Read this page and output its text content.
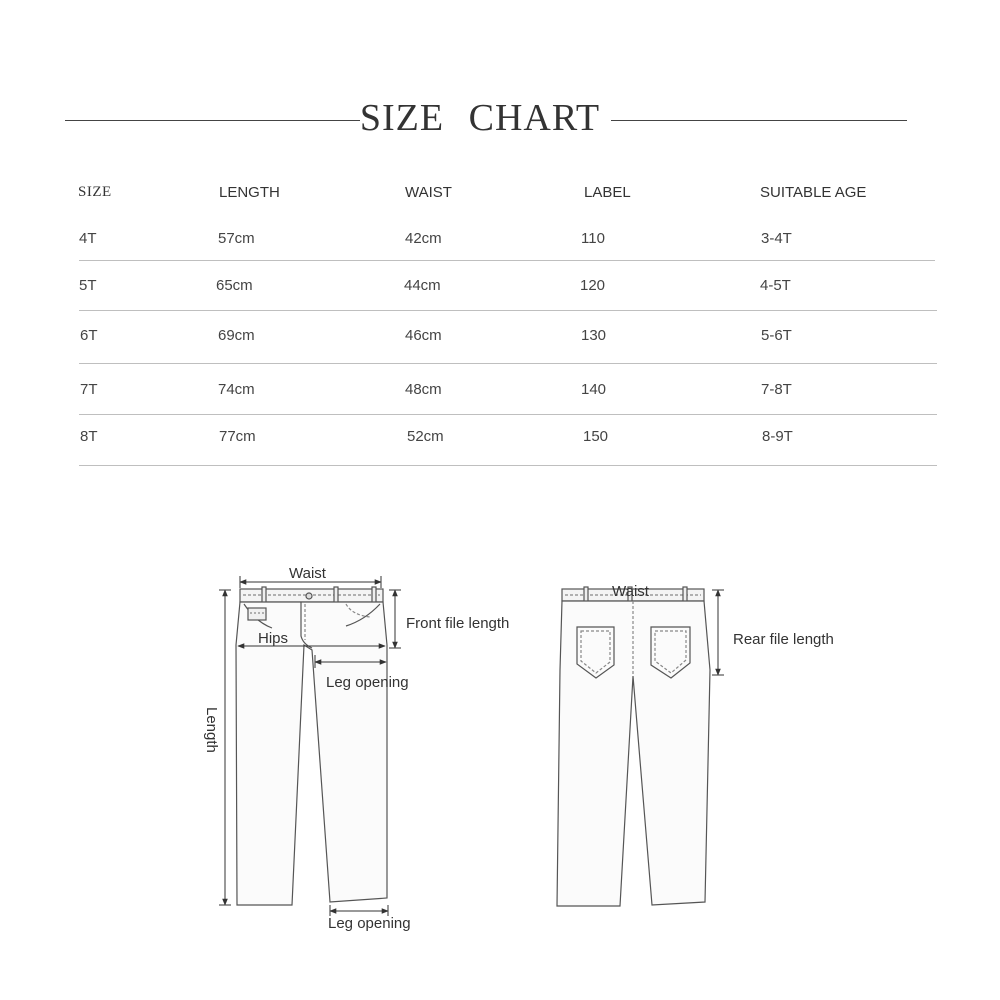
SIZE CHART
SIZE	LENGTH	WAIST	LABEL	SUITABLE AGE
4T	57cm	42cm	110	3-4T
5T	65cm	44cm	120	4-5T
6T	69cm	46cm	130	5-6T
7T	74cm	48cm	140	7-8T
8T	77cm	52cm	150	8-9T
Waist
Hips
Front file length
Leg opening
Length
Leg opening
Waist
Rear file length
